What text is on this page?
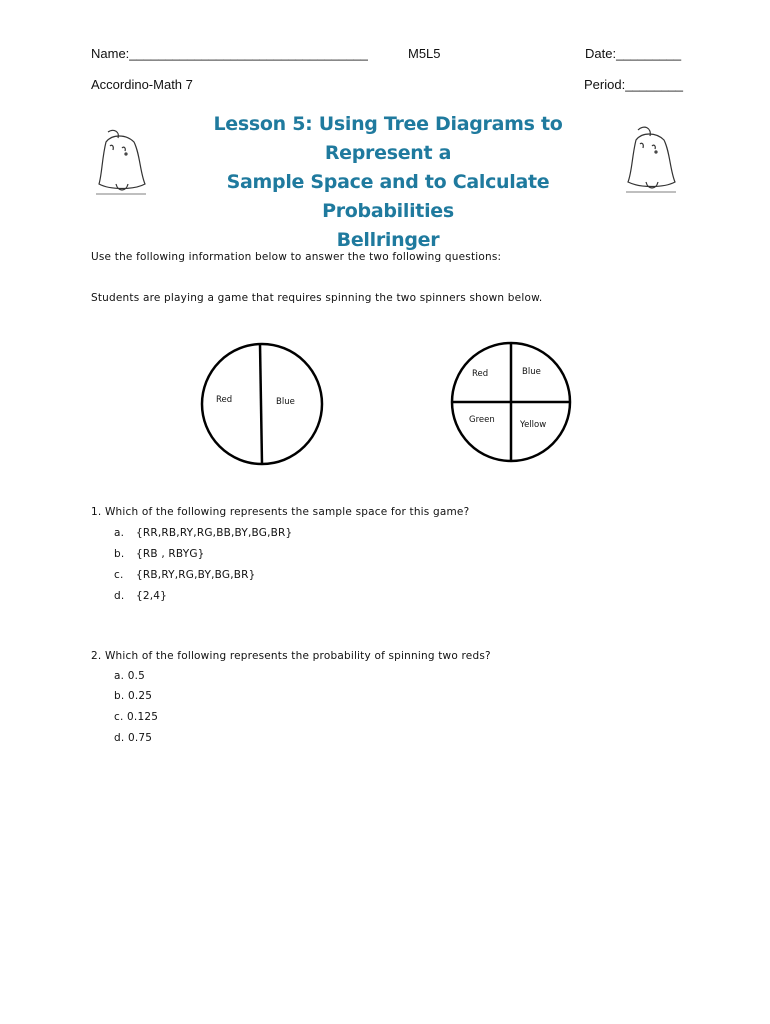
Name:_________________________________	M5L5	Date:_________
Accordino-Math 7	Period:________
Lesson 5: Using Tree Diagrams to Represent a
Sample Space and to Calculate Probabilities
Bellringer
Use the following information below to answer the two following questions:
Students are playing a game that requires spinning the two spinners shown below.
Red	Blue
Red	Blue
Green	Yellow
1. Which of the following represents the sample space for this game?
a.	{RR,RB,RY,RG,BB,BY,BG,BR}
b.	{RB , RBYG}
c.	{RB,RY,RG,BY,BG,BR}
d.	{2,4}
2. Which of the following represents the probability of spinning two reds?
a. 0.5
b. 0.25
c. 0.125
d. 0.75
